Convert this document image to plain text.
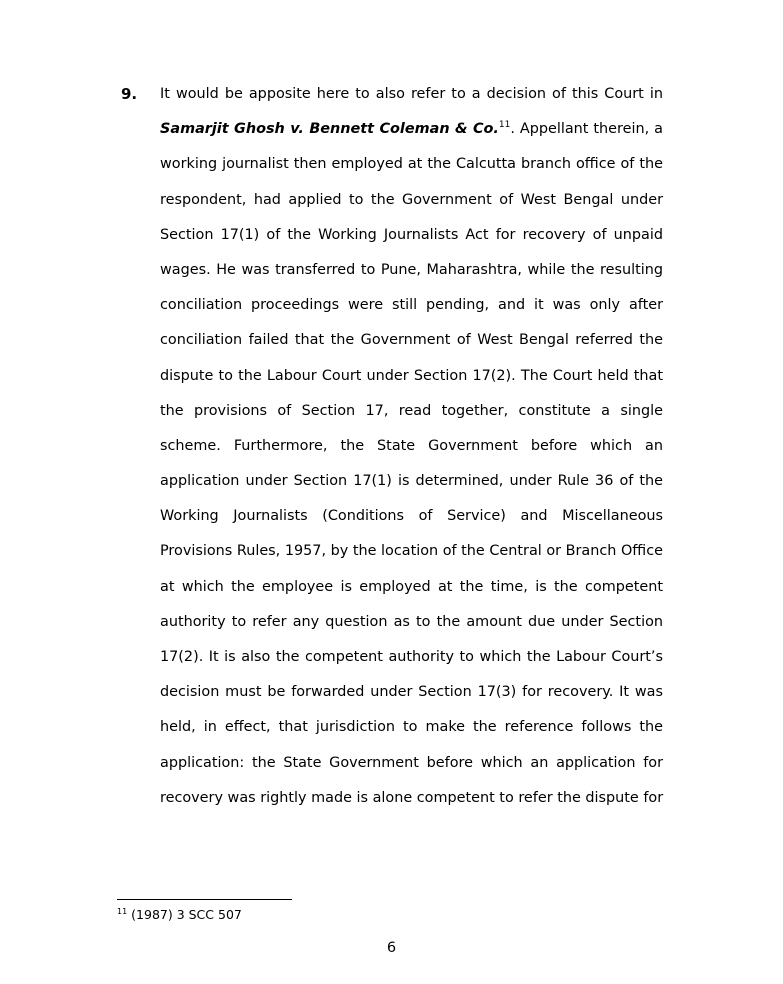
9. It would be apposite here to also refer to a decision of this Court in
Samarjit Ghosh v. Bennett Coleman & Co.$^{11}$. Appellant therein, a
working journalist then employed at the Calcutta branch office of the
respondent, had applied to the Government of West Bengal under
Section 17(1) of the Working Journalists Act for recovery of unpaid
wages. He was transferred to Pune, Maharashtra, while the resulting
conciliation proceedings were still pending, and it was only after
conciliation failed that the Government of West Bengal referred the
dispute to the Labour Court under Section 17(2). The Court held that
the provisions of Section 17, read together, constitute a single
scheme. Furthermore, the State Government before which an
application under Section 17(1) is determined, under Rule 36 of the
Working Journalists (Conditions of Service) and Miscellaneous
Provisions Rules, 1957, by the location of the Central or Branch Office
at which the employee is employed at the time, is the competent
authority to refer any question as to the amount due under Section
17(2). It is also the competent authority to which the Labour Court’s
decision must be forwarded under Section 17(3) for recovery. It was
held, in effect, that jurisdiction to make the reference follows the
application: the State Government before which an application for
recovery was rightly made is alone competent to refer the dispute for
$^{11}$ (1987) 3 SCC 507
6
